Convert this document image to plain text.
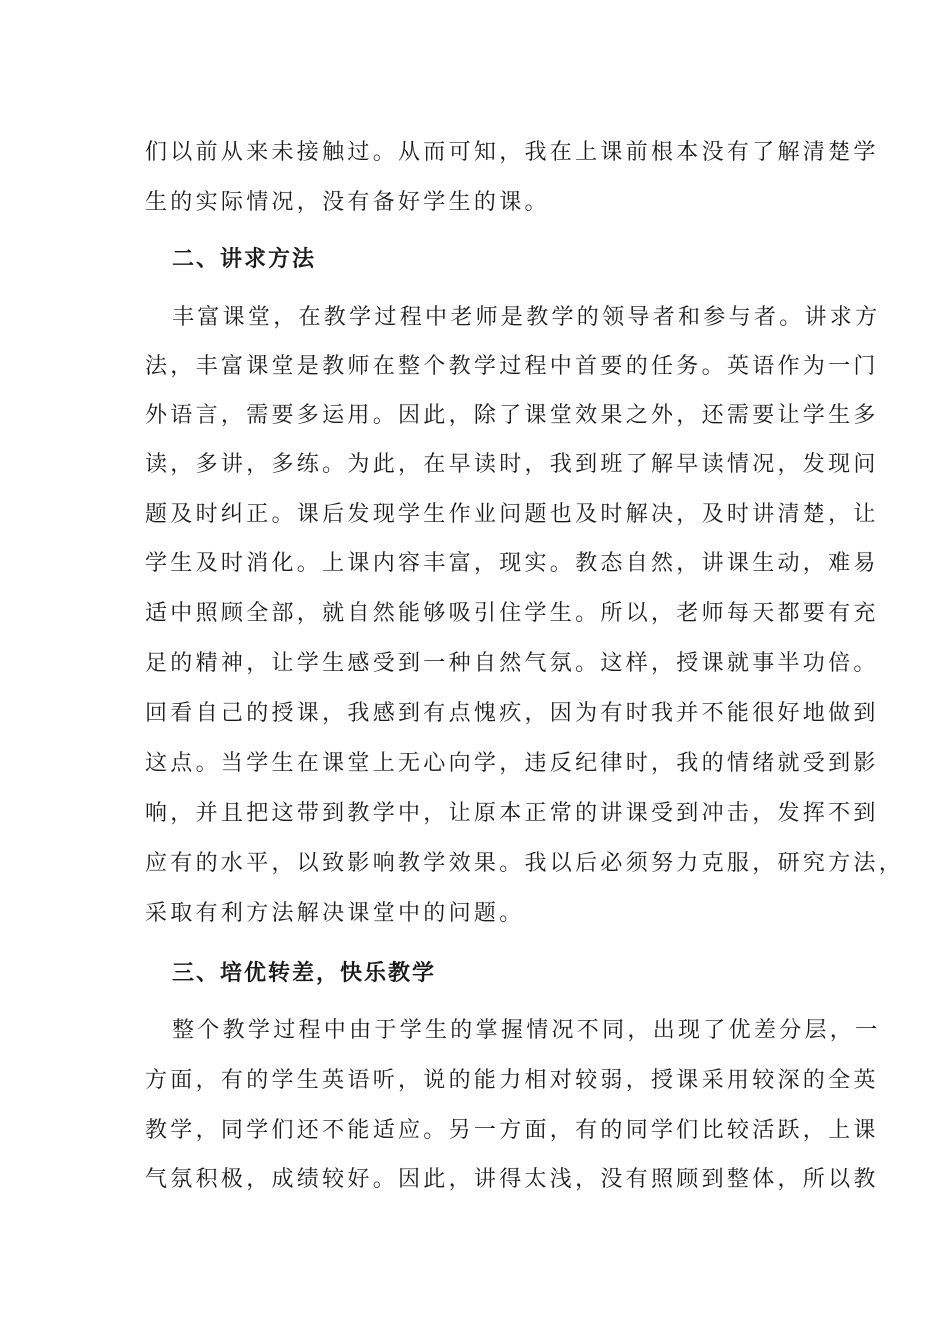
们以前从来未接触过。从而可知，我在上课前根本没有了解清楚学
生的实际情况，没有备好学生的课。
二、讲求方法
丰富课堂，在教学过程中老师是教学的领导者和参与者。讲求方
法，丰富课堂是教师在整个教学过程中首要的任务。英语作为一门
外语言，需要多运用。因此，除了课堂效果之外，还需要让学生多
读，多讲，多练。为此，在早读时，我到班了解早读情况，发现问
题及时纠正。课后发现学生作业问题也及时解决，及时讲清楚，让
学生及时消化。上课内容丰富，现实。教态自然，讲课生动，难易
适中照顾全部，就自然能够吸引住学生。所以，老师每天都要有充
足的精神，让学生感受到一种自然气氛。这样，授课就事半功倍。
回看自己的授课，我感到有点愧疚，因为有时我并不能很好地做到
这点。当学生在课堂上无心向学，违反纪律时，我的情绪就受到影
响，并且把这带到教学中，让原本正常的讲课受到冲击，发挥不到
应有的水平，以致影响教学效果。我以后必须努力克服，研究方法，
采取有利方法解决课堂中的问题。
三、培优转差，快乐教学
整个教学过程中由于学生的掌握情况不同，出现了优差分层，一
方面，有的学生英语听，说的能力相对较弱，授课采用较深的全英
教学，同学们还不能适应。另一方面，有的同学们比较活跃，上课
气氛积极，成绩较好。因此，讲得太浅，没有照顾到整体，所以教
